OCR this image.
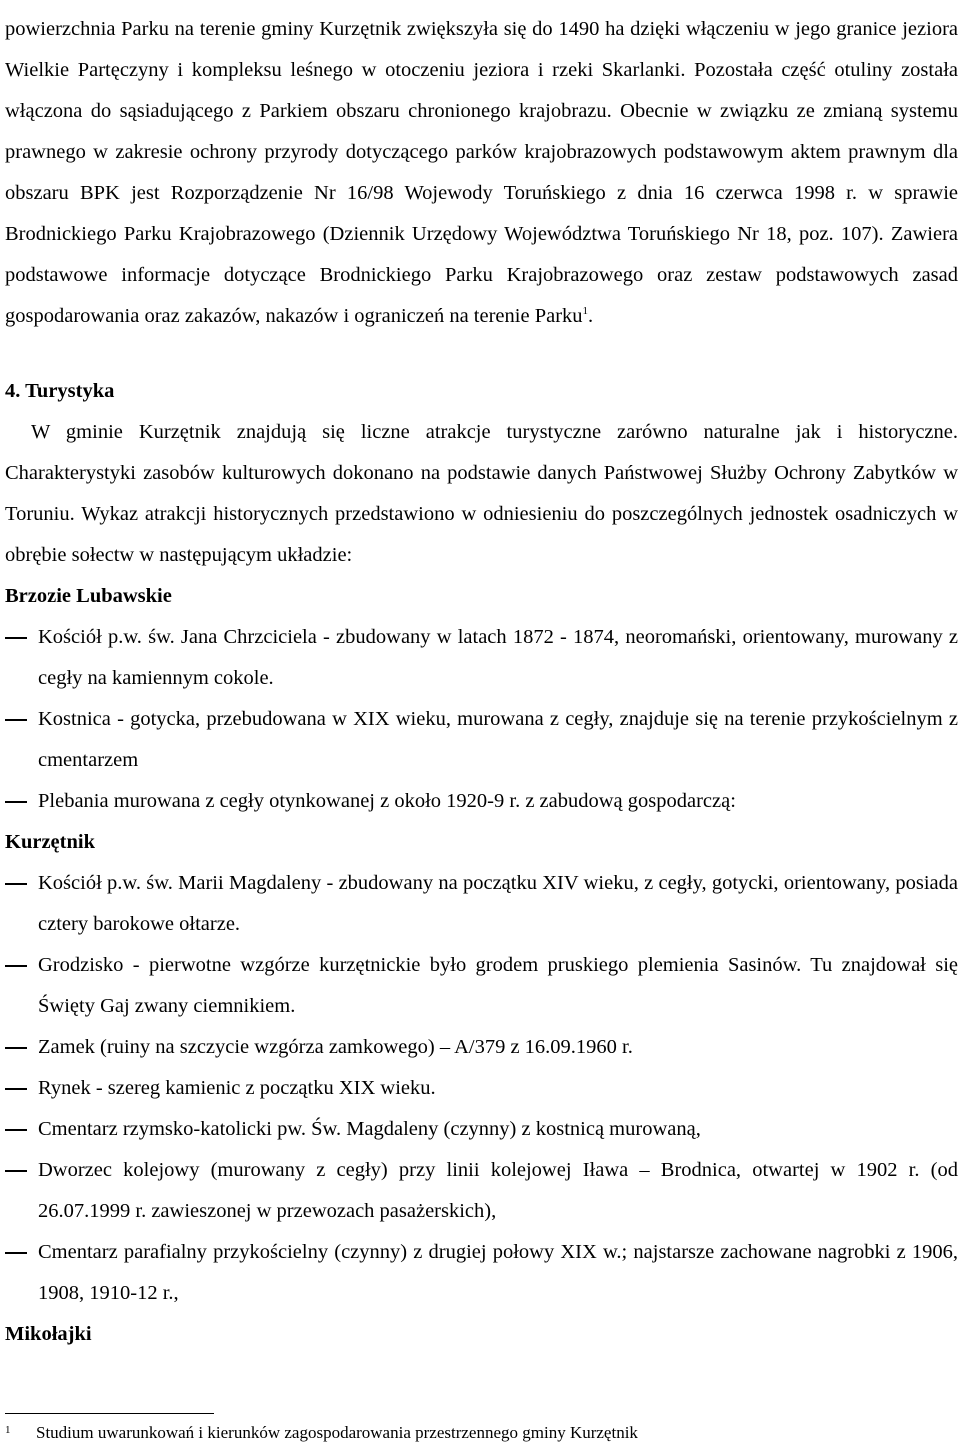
powierzchnia Parku na terenie gminy Kurzętnik zwiększyła się do 1490 ha dzięki włączeniu w jego granice jeziora Wielkie Partęczyny i kompleksu leśnego w otoczeniu jeziora i rzeki Skarlanki. Pozostała część otuliny została włączona do sąsiadującego z Parkiem obszaru chronionego krajobrazu. Obecnie w związku ze zmianą systemu prawnego w zakresie ochrony przyrody dotyczącego parków krajobrazowych podstawowym aktem prawnym dla obszaru BPK jest Rozporządzenie Nr 16/98 Wojewody Toruńskiego z dnia 16 czerwca 1998 r. w sprawie Brodnickiego Parku Krajobrazowego (Dziennik Urzędowy Województwa Toruńskiego Nr 18, poz. 107). Zawiera podstawowe informacje dotyczące Brodnickiego Parku Krajobrazowego oraz zestaw podstawowych zasad gospodarowania oraz zakazów, nakazów i ograniczeń na terenie Parku$^1$.

4. Turystyka

W gminie Kurzętnik znajdują się liczne atrakcje turystyczne zarówno naturalne jak i historyczne. Charakterystyki zasobów kulturowych dokonano na podstawie danych Państwowej Służby Ochrony Zabytków w Toruniu. Wykaz atrakcji historycznych przedstawiono w odniesieniu do poszczególnych jednostek osadniczych w obrębie sołectw w następującym układzie:

Brzozie Lubawskie
Kościół p.w. św. Jana Chrzciciela - zbudowany w latach 1872 - 1874, neoromański, orientowany, murowany z cegły na kamiennym cokole.
Kostnica - gotycka, przebudowana w XIX wieku, murowana z cegły, znajduje się na terenie przykościelnym z cmentarzem
Plebania murowana z cegły otynkowanej z około 1920-9 r. z zabudową gospodarczą:
Kurzętnik
Kościół p.w. św. Marii Magdaleny - zbudowany na początku XIV wieku, z cegły, gotycki, orientowany, posiada cztery barokowe ołtarze.
Grodzisko - pierwotne wzgórze kurzętnickie było grodem pruskiego plemienia Sasinów. Tu znajdował się Święty Gaj zwany ciemnikiem.
Zamek (ruiny na szczycie wzgórza zamkowego) – A/379 z 16.09.1960 r.
Rynek - szereg kamienic z początku XIX wieku.
Cmentarz rzymsko-katolicki pw. Św. Magdaleny (czynny) z kostnicą murowaną,
Dworzec kolejowy (murowany z cegły) przy linii kolejowej Iława – Brodnica, otwartej w 1902 r. (od 26.07.1999 r. zawieszonej w przewozach pasażerskich),
Cmentarz parafialny przykościelny (czynny) z drugiej połowy XIX w.; najstarsze zachowane nagrobki z 1906, 1908, 1910-12 r.,
Mikołajki
1 Studium uwarunkowań i kierunków zagospodarowania przestrzennego gminy Kurzętnik
